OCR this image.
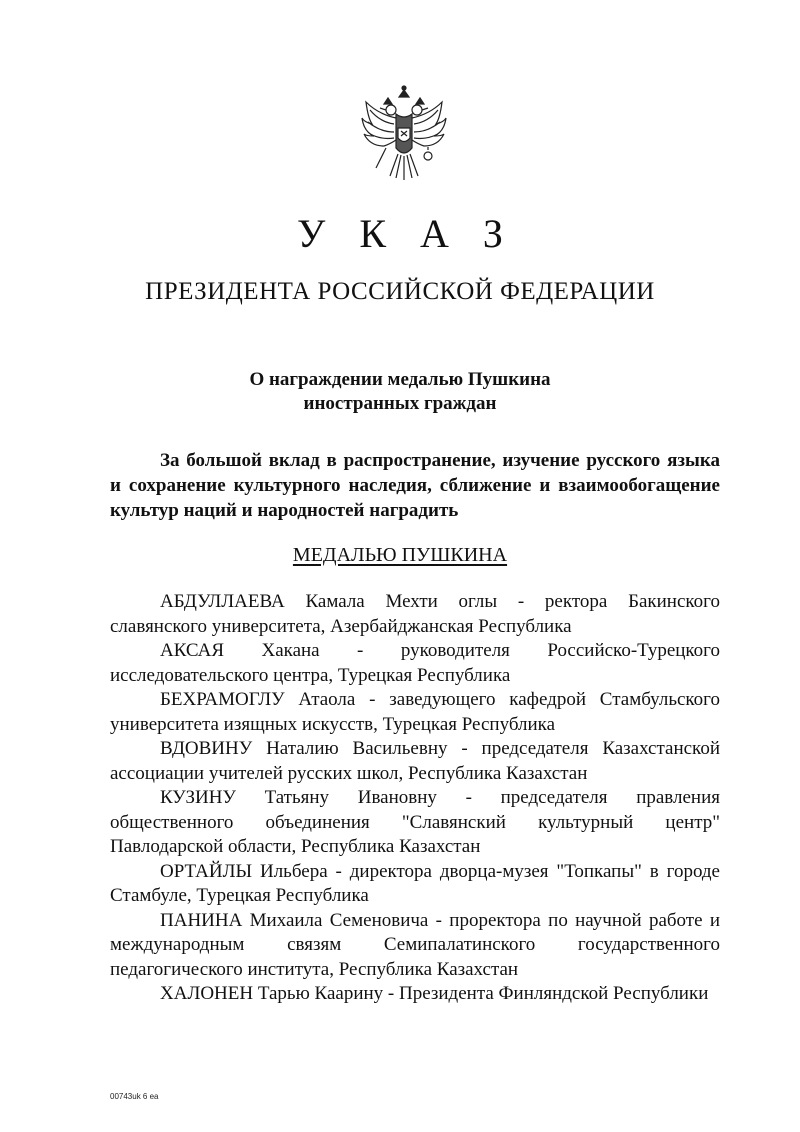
У К А З
ПРЕЗИДЕНТА РОССИЙСКОЙ ФЕДЕРАЦИИ
О награждении медалью Пушкина
иностранных граждан
За большой вклад в распространение, изучение русского языка и сохранение культурного наследия, сближение и взаимообогащение культур наций и народностей наградить
МЕДАЛЬЮ ПУШКИНА

АБДУЛЛАЕВА Камала Мехти оглы - ректора Бакинского славянского университета, Азербайджанская Республика

АКСАЯ Хакана - руководителя Российско-Турецкого исследовательского центра, Турецкая Республика

БЕХРАМОГЛУ Атаола - заведующего кафедрой Стамбульского университета изящных искусств, Турецкая Республика

ВДОВИНУ Наталию Васильевну - председателя Казахстанской ассоциации учителей русских школ, Республика Казахстан

КУЗИНУ Татьяну Ивановну - председателя правления общественного объединения "Славянский культурный центр" Павлодарской области, Республика Казахстан

ОРТАЙЛЫ Ильбера - директора дворца-музея "Топкапы" в городе Стамбуле, Турецкая Республика

ПАНИНА Михаила Семеновича - проректора по научной работе и международным связям Семипалатинского государственного педагогического института, Республика Казахстан

ХАЛОНЕН Тарью Каарину - Президента Финляндской Республики

00743uk 6 ea
